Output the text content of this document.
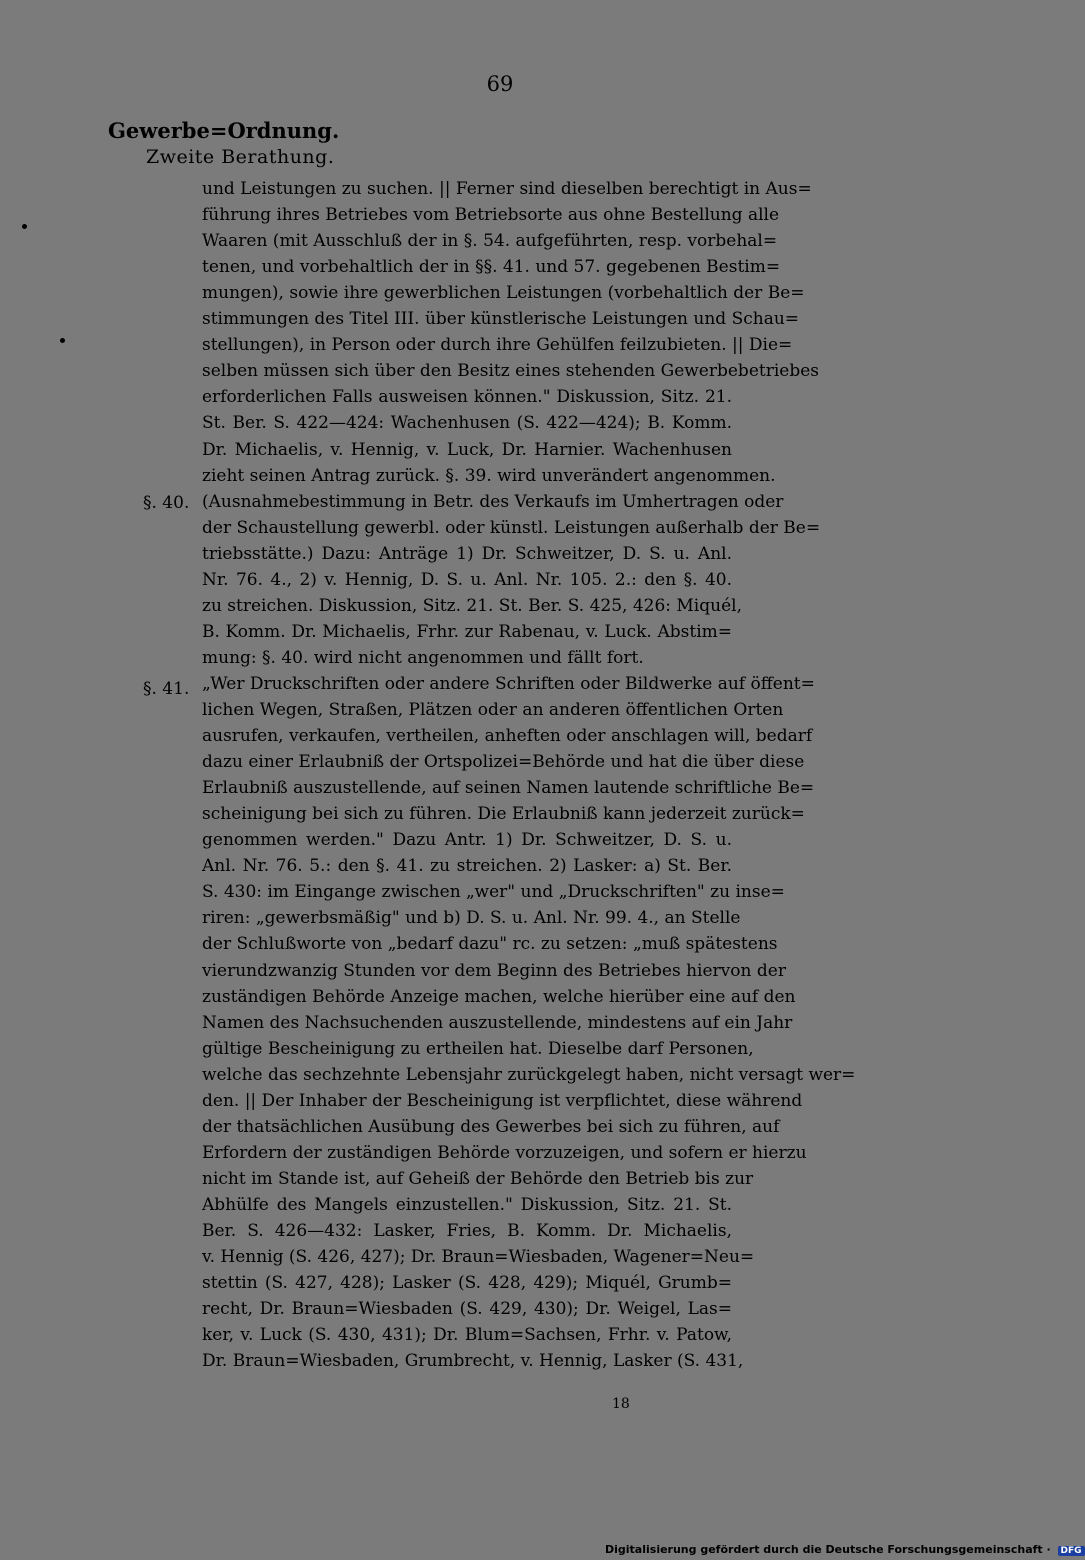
69
Gewerbe=Ordnung.
Zweite Berathung.
§. 40.
§. 41.
und Leistungen zu suchen. || Ferner sind dieselben berechtigt in Aus=
führung ihres Betriebes vom Betriebsorte aus ohne Bestellung alle
Waaren (mit Ausschluß der in §. 54. aufgeführten, resp. vorbehal=
tenen, und vorbehaltlich der in §§. 41. und 57. gegebenen Bestim=
mungen), sowie ihre gewerblichen Leistungen (vorbehaltlich der Be=
stimmungen des Titel III. über künstlerische Leistungen und Schau=
stellungen), in Person oder durch ihre Gehülfen feilzubieten. || Die=
selben müssen sich über den Besitz eines stehenden Gewerbebetriebes
erforderlichen Falls ausweisen können." Diskussion, Sitz. 21.
St. Ber. S. 422—424: Wachenhusen (S. 422—424); B. Komm.
Dr. Michaelis, v. Hennig, v. Luck, Dr. Harnier. Wachenhusen
zieht seinen Antrag zurück. §. 39. wird unverändert angenommen.
(Ausnahmebestimmung in Betr. des Verkaufs im Umhertragen oder
der Schaustellung gewerbl. oder künstl. Leistungen außerhalb der Be=
triebsstätte.) Dazu: Anträge 1) Dr. Schweitzer, D. S. u. Anl.
Nr. 76. 4., 2) v. Hennig, D. S. u. Anl. Nr. 105. 2.: den §. 40.
zu streichen. Diskussion, Sitz. 21. St. Ber. S. 425, 426: Miquél,
B. Komm. Dr. Michaelis, Frhr. zur Rabenau, v. Luck. Abstim=
mung: §. 40. wird nicht angenommen und fällt fort.
„Wer Druckschriften oder andere Schriften oder Bildwerke auf öffent=
lichen Wegen, Straßen, Plätzen oder an anderen öffentlichen Orten
ausrufen, verkaufen, vertheilen, anheften oder anschlagen will, bedarf
dazu einer Erlaubniß der Ortspolizei=Behörde und hat die über diese
Erlaubniß auszustellende, auf seinen Namen lautende schriftliche Be=
scheinigung bei sich zu führen. Die Erlaubniß kann jederzeit zurück=
genommen werden." Dazu Antr. 1) Dr. Schweitzer, D. S. u.
Anl. Nr. 76. 5.: den §. 41. zu streichen. 2) Lasker: a) St. Ber.
S. 430: im Eingange zwischen „wer" und „Druckschriften" zu inse=
riren: „gewerbsmäßig" und b) D. S. u. Anl. Nr. 99. 4., an Stelle
der Schlußworte von „bedarf dazu" rc. zu setzen: „muß spätestens
vierundzwanzig Stunden vor dem Beginn des Betriebes hiervon der
zuständigen Behörde Anzeige machen, welche hierüber eine auf den
Namen des Nachsuchenden auszustellende, mindestens auf ein Jahr
gültige Bescheinigung zu ertheilen hat. Dieselbe darf Personen,
welche das sechzehnte Lebensjahr zurückgelegt haben, nicht versagt wer=
den. || Der Inhaber der Bescheinigung ist verpflichtet, diese während
der thatsächlichen Ausübung des Gewerbes bei sich zu führen, auf
Erfordern der zuständigen Behörde vorzuzeigen, und sofern er hierzu
nicht im Stande ist, auf Geheiß der Behörde den Betrieb bis zur
Abhülfe des Mangels einzustellen." Diskussion, Sitz. 21. St.
Ber. S. 426—432: Lasker, Fries, B. Komm. Dr. Michaelis,
v. Hennig (S. 426, 427); Dr. Braun=Wiesbaden, Wagener=Neu=
stettin (S. 427, 428); Lasker (S. 428, 429); Miquél, Grumb=
recht, Dr. Braun=Wiesbaden (S. 429, 430); Dr. Weigel, Las=
ker, v. Luck (S. 430, 431); Dr. Blum=Sachsen, Frhr. v. Patow,
Dr. Braun=Wiesbaden, Grumbrecht, v. Hennig, Lasker (S. 431,
18
Digitalisierung gefördert durch die Deutsche Forschungsgemeinschaft · DFG
